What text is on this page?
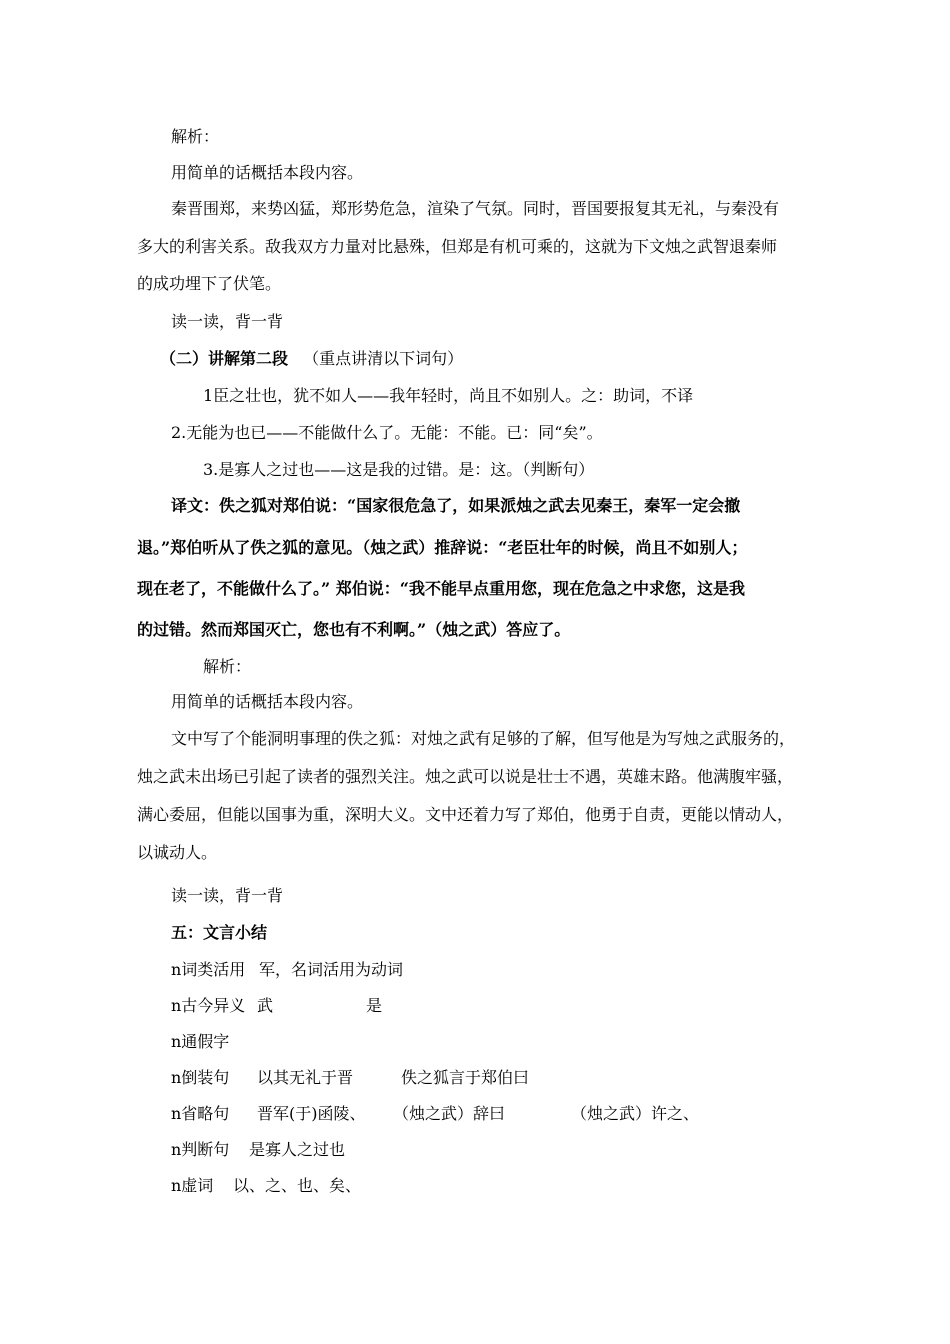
解析：
用简单的话概括本段内容。
秦晋围郑，来势凶猛，郑形势危急，渲染了气氛。同时，晋国要报复其无礼，与秦没有
多大的利害关系。敌我双方力量对比悬殊，但郑是有机可乘的，这就为下文烛之武智退秦师
的成功埋下了伏笔。
读一读，背一背
（二）讲解第二段 （重点讲清以下词句）
1臣之壮也，犹不如人——我年轻时，尚且不如别人。之：助词，不译
2.无能为也已——不能做什么了。无能：不能。已：同“矣”。
3.是寡人之过也——这是我的过错。是：这。（判断句）
译文：佚之狐对郑伯说：“国家很危急了，如果派烛之武去见秦王，秦军一定会撤
退。”郑伯听从了佚之狐的意见。（烛之武）推辞说：“老臣壮年的时候，尚且不如别人；
现在老了，不能做什么了。” 郑伯说：“我不能早点重用您，现在危急之中求您，这是我
的过错。然而郑国灭亡，您也有不利啊。”（烛之武）答应了。
解析：
用简单的话概括本段内容。
文中写了个能洞明事理的佚之狐：对烛之武有足够的了解，但写他是为写烛之武服务的，
烛之武未出场已引起了读者的强烈关注。烛之武可以说是壮士不遇，英雄末路。他满腹牢骚，
满心委屈，但能以国事为重，深明大义。文中还着力写了郑伯，他勇于自责，更能以情动人，
以诚动人。
读一读，背一背
五：文言小结
n词类活用 军，名词活用为动词
n古今异义 武	是
n通假字
n倒装句 以其无礼于晋	佚之狐言于郑伯曰
n省略句 晋军(于)函陵、 （烛之武）辞曰	（烛之武）许之、
n判断句 是寡人之过也
n虚词 以、之、也、矣、
